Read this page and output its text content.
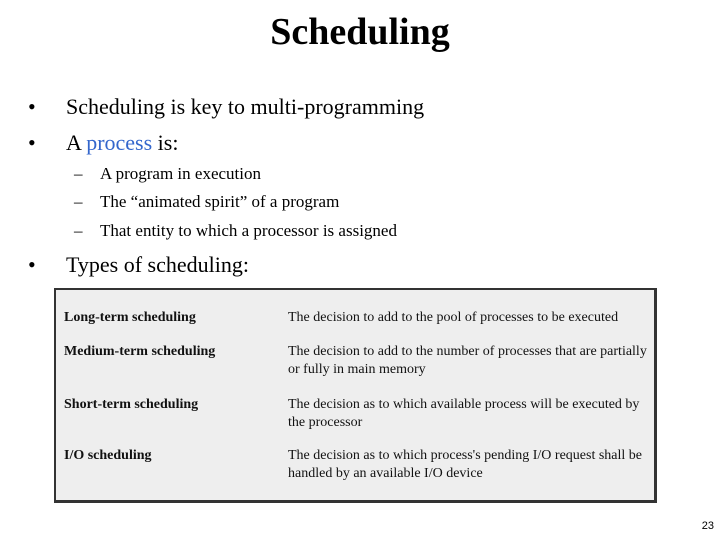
Scheduling
• Scheduling is key to multi-programming
• A process is:
– A program in execution
– The “animated spirit” of a program
– That entity to which a processor is assigned
• Types of scheduling:
Long-term scheduling	The decision to add to the pool of processes to be executed
Medium-term scheduling	The decision to add to the number of processes that are partially or fully in main memory
Short-term scheduling	The decision as to which available process will be executed by the processor
I/O scheduling	The decision as to which process's pending I/O request shall be handled by an available I/O device
23
